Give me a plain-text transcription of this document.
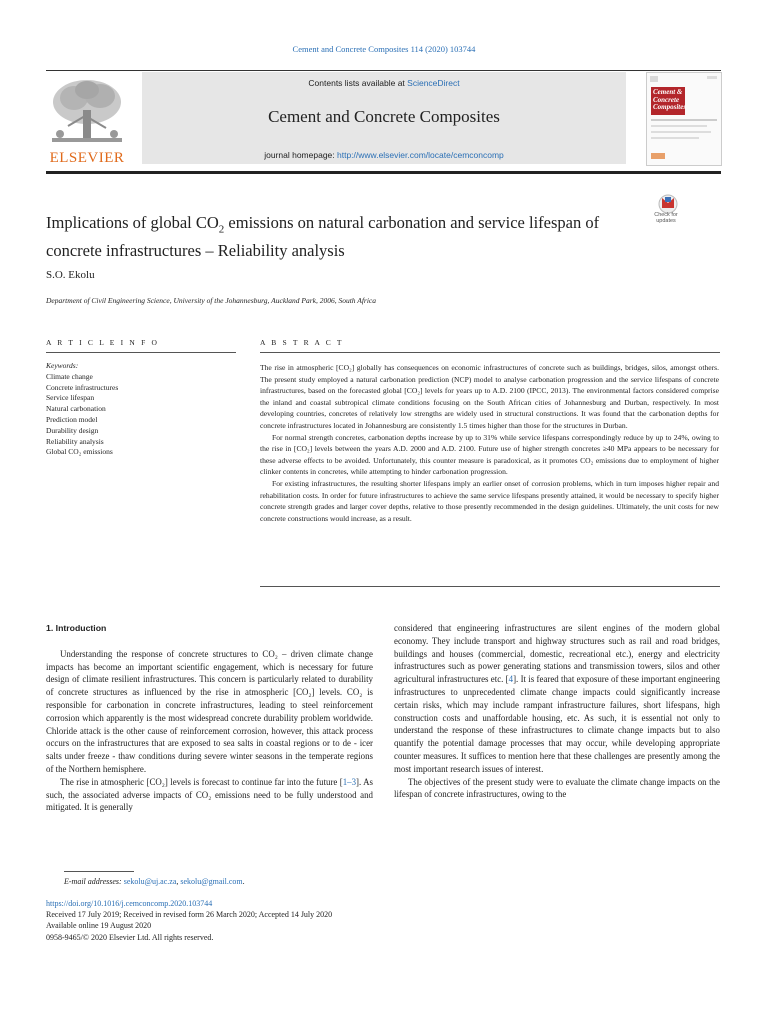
Cement and Concrete Composites 114 (2020) 103744
ELSEVIER
Contents lists available at ScienceDirect
Cement and Concrete Composites
journal homepage: http://www.elsevier.com/locate/cemconcomp
Cement &
Concrete
Composites
Implications of global $CO_2$ emissions on natural carbonation and service lifespan of concrete infrastructures – Reliability analysis
Check for updates
S.O. Ekolu
Department of Civil Engineering Science, University of the Johannesburg, Auckland Park, 2006, South Africa
A R T I C L E I N F O	A B S T R A C T
Keywords:
Climate change
Concrete infrastructures
Service lifespan
Natural carbonation
Prediction model
Durability design
Reliability analysis
Global CO₂ emissions

The rise in atmospheric [CO₂] globally has consequences on economic infrastructures of concrete such as buildings, bridges, silos, amongst others. The present study employed a natural carbonation prediction (NCP) model to analyse carbonation progression and the service lifespans of concrete infrastructures, based on the forecasted global [CO₂] levels for years up to A.D. 2100 (IPCC, 2013). The environmental factors considered comprise the inland and coastal subtropical climate conditions focusing on the South African cities of Johannesburg and Durban, respectively. In most developing countries, concretes of relatively low strengths are widely used in structural constructions. It was found that the carbonation depths for concrete infrastructures located in Johannesburg are consistently 1.5 times higher than those for the structures in Durban.

For normal strength concretes, carbonation depths increase by up to 31% while service lifespans correspondingly reduce by up to 24%, owing to the rise in [CO₂] levels between the years A.D. 2000 and A.D. 2100. Future use of higher strength concretes ≥40 MPa appears to be necessary for these adverse effects to be avoided. Unfortunately, this counter measure is paradoxical, as it promotes CO₂ emissions due to employment of higher clinker contents in concretes, while attempting to hinder carbonation progression.

For existing infrastructures, the resulting shorter lifespans imply an earlier onset of corrosion problems, which in turn imposes higher repair and rehabilitation costs. In order for future infrastructures to achieve the same service lifespans presently attained, it would be necessary to specify higher concrete strength grades and larger cover depths, relative to those presently recommended in the design guidelines. Ultimately, the unit costs for new concrete constructions would increase, as a result.

1. Introduction

Understanding the response of concrete structures to CO₂ – driven climate change impacts has become an important scientific engagement, which is necessary for future design of climate resilient infrastructures. This concern is particularly related to durability of concrete structures as influenced by the rise in atmospheric [CO₂] levels. CO₂ is responsible for carbonation in concrete infrastructures, leading to steel reinforcement corrosion which apparently is the most widespread concrete durability problem worldwide. Chloride attack is the other cause of reinforcement corrosion, however, this attack process occurs on the infrastructures that are exposed to sea salts in coastal regions or to de - icer salts under freeze - thaw conditions during severe winter seasons in the temperate regions of the Northern hemisphere.

The rise in atmospheric [CO₂] levels is forecast to continue far into the future [1–3]. As such, the associated adverse impacts of CO₂ emissions need to be fully understood and mitigated. It is generally

considered that engineering infrastructures are silent engines of the modern global economy. They include transport and highway structures such as rail and road bridges, buildings and houses (commercial, domestic, recreational etc.), energy and electricity infrastructures such as power generating stations and transmission towers, silos and other agricultural infrastructures etc. [4]. It is feared that exposure of these important engineering infrastructures to unprecedented climate change impacts could significantly increase certain risks, which may include rampant infrastructure failures, short lifespans, high construction costs and unaffordable housing, etc. As such, it is essential not only to understand the response of these infrastructures to climate change impacts but to also quantify the potential damage processes that may occur, while developing appropriate counter measures. It suffices to mention here that these challenges are presently among the most important research issues of interest.

The objectives of the present study were to evaluate the climate change impacts on the lifespan of concrete infrastructures, owing to the

E-mail addresses: sekolu@uj.ac.za, sekolu@gmail.com.
https://doi.org/10.1016/j.cemconcomp.2020.103744
Received 17 July 2019; Received in revised form 26 March 2020; Accepted 14 July 2020
Available online 19 August 2020
0958-9465/© 2020 Elsevier Ltd. All rights reserved.
